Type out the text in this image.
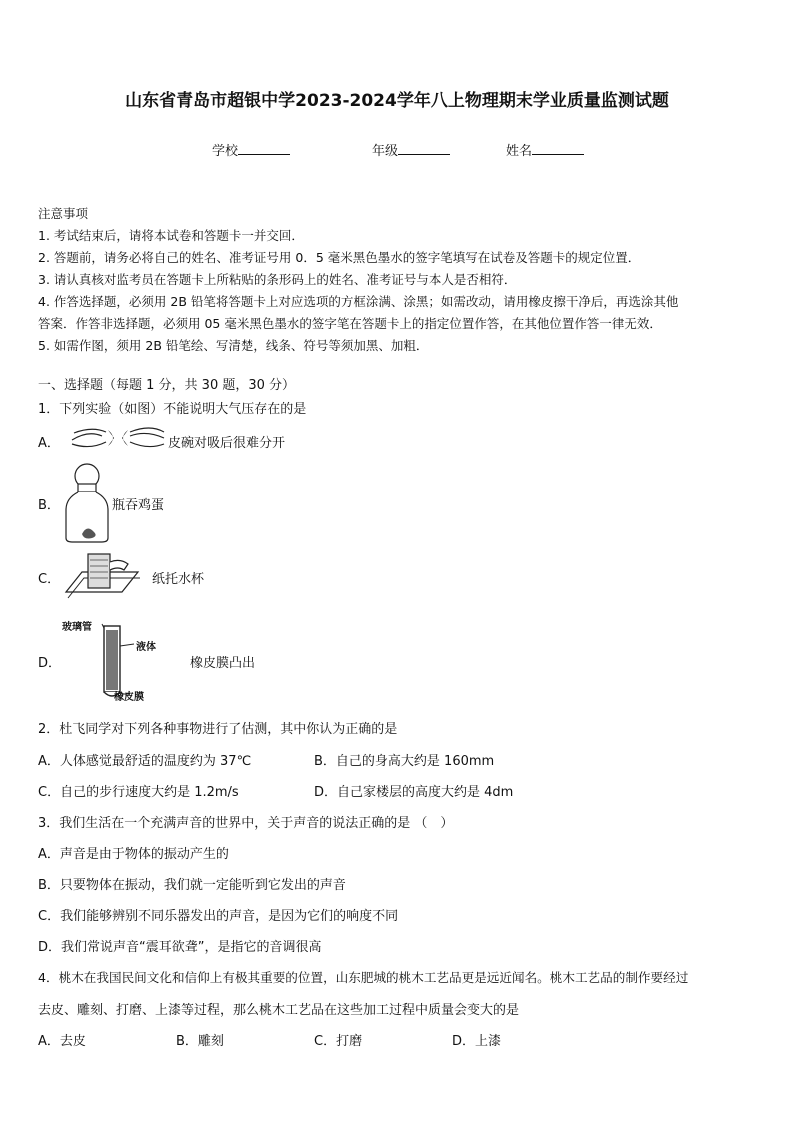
山东省青岛市超银中学2023-2024学年八上物理期末学业质量监测试题
学校	年级	姓名
注意事项
1. 考试结束后，请将本试卷和答题卡一并交回．
2. 答题前，请务必将自己的姓名、准考证号用 0．5 毫米黑色墨水的签字笔填写在试卷及答题卡的规定位置．
3. 请认真核对监考员在答题卡上所粘贴的条形码上的姓名、准考证号与本人是否相符．
4. 作答选择题，必须用 2B 铅笔将答题卡上对应选项的方框涂满、涂黑；如需改动，请用橡皮擦干净后，再选涂其他
答案．作答非选择题，必须用 05 毫米黑色墨水的签字笔在答题卡上的指定位置作答，在其他位置作答一律无效．
5. 如需作图，须用 2B 铅笔绘、写清楚，线条、符号等须加黑、加粗．
一、选择题（每题 1 分，共 30 题，30 分）
1．下列实验（如图）不能说明大气压存在的是
A．	皮碗对吸后很难分开
B．	瓶吞鸡蛋
C．	纸托水杯
D．
玻璃管
液体
橡皮膜
橡皮膜凸出
2．杜飞同学对下列各种事物进行了估测，其中你认为正确的是
A．人体感觉最舒适的温度约为 37℃	B．自己的身高大约是 160mm
C．自己的步行速度大约是 1.2m/s	D．自己家楼层的高度大约是 4dm
3．我们生活在一个充满声音的世界中，关于声音的说法正确的是 （　）
A．声音是由于物体的振动产生的
B．只要物体在振动，我们就一定能听到它发出的声音
C．我们能够辨别不同乐器发出的声音，是因为它们的响度不同
D．我们常说声音“震耳欲聋”，是指它的音调很高
4．桃木在我国民间文化和信仰上有极其重要的位置，山东肥城的桃木工艺品更是远近闻名。桃木工艺品的制作要经过
去皮、雕刻、打磨、上漆等过程，那么桃木工艺品在这些加工过程中质量会变大的是
A．去皮	B．雕刻	C．打磨	D．上漆
